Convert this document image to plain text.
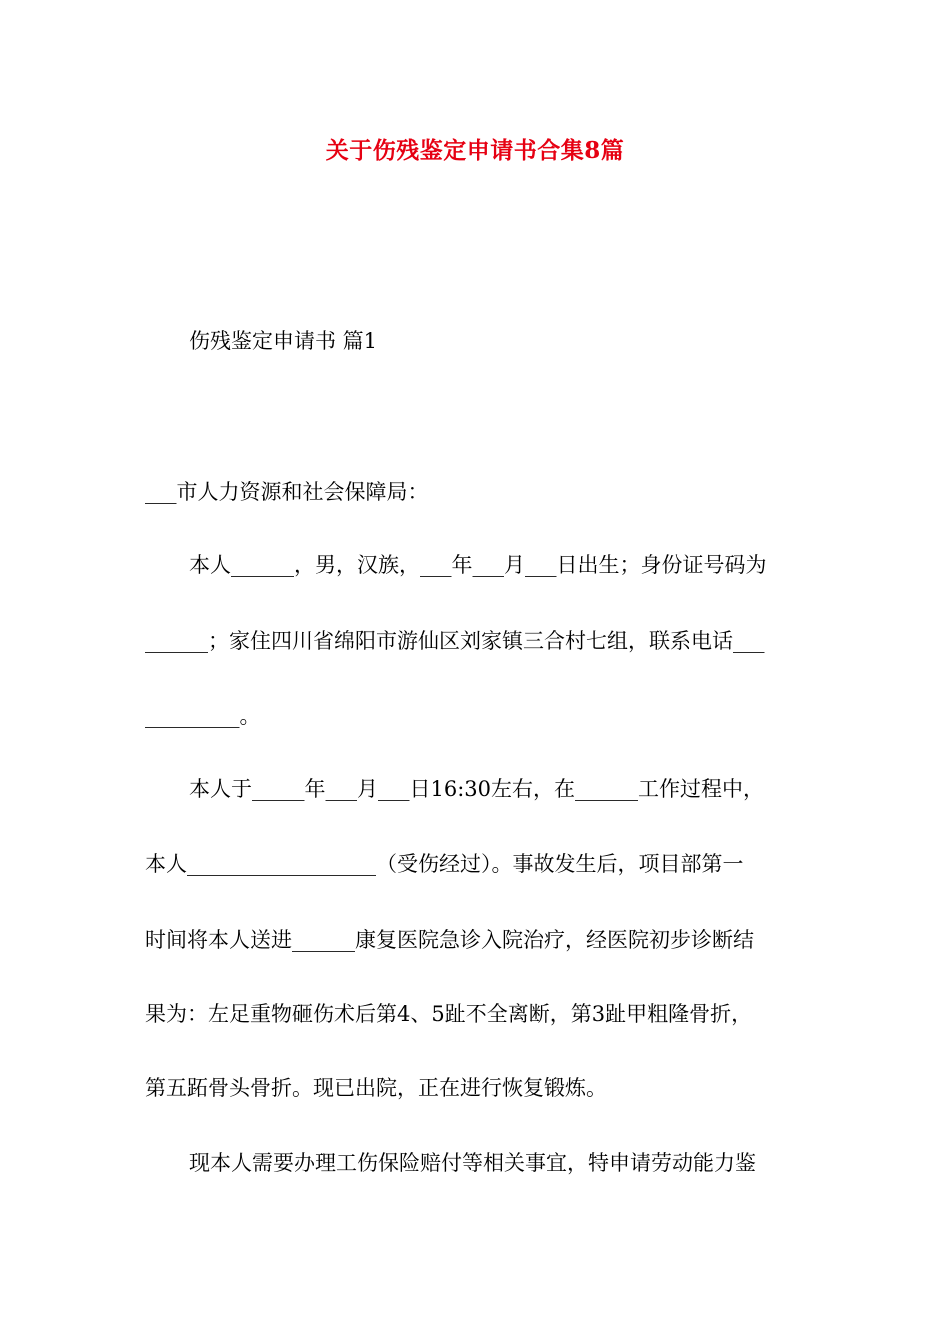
关于伤残鉴定申请书合集8篇
伤残鉴定申请书 篇1
___市人力资源和社会保障局：
本人______，男，汉族，___年___月___日出生；身份证号码为
______；家住四川省绵阳市游仙区刘家镇三合村七组，联系电话___
_________。
本人于_____年___月___日16:30左右，在______工作过程中，
本人__________________（受伤经过）。事故发生后，项目部第一
时间将本人送进______康复医院急诊入院治疗，经医院初步诊断结
果为：左足重物砸伤术后第4、5趾不全离断，第3趾甲粗隆骨折，
第五跖骨头骨折。现已出院，正在进行恢复锻炼。
现本人需要办理工伤保险赔付等相关事宜，特申请劳动能力鉴
